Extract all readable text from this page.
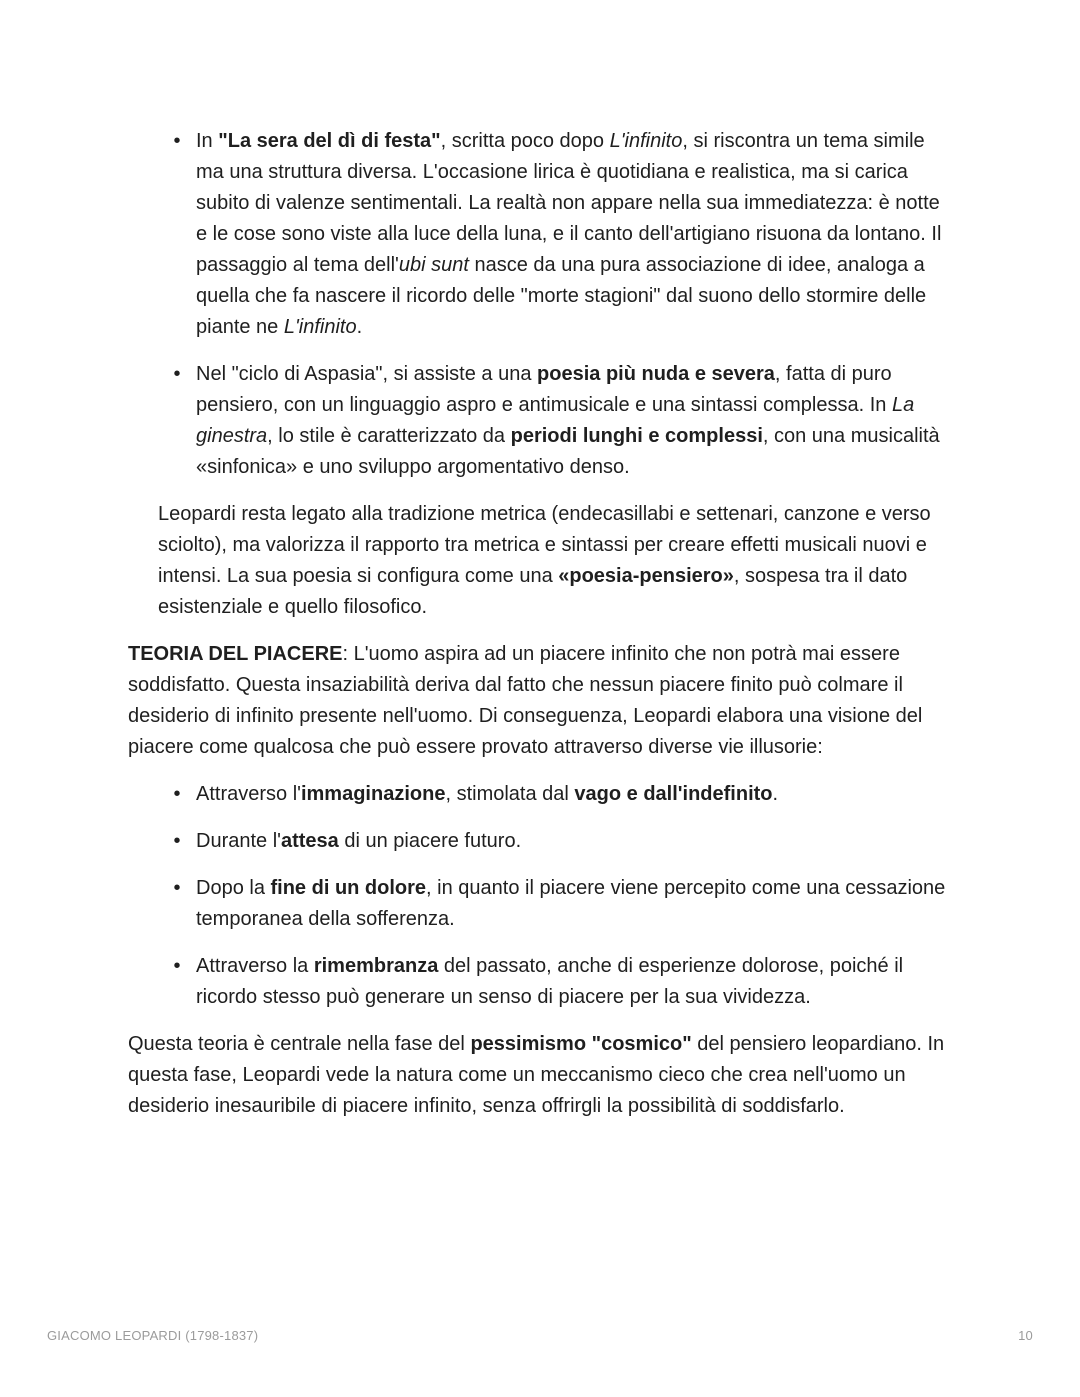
• In "La sera del dì di festa", scritta poco dopo L'infinito, si riscontra un tema simile ma una struttura diversa. L'occasione lirica è quotidiana e realistica, ma si carica subito di valenze sentimentali. La realtà non appare nella sua immediatezza: è notte e le cose sono viste alla luce della luna, e il canto dell'artigiano risuona da lontano. Il passaggio al tema dell'ubi sunt nasce da una pura associazione di idee, analoga a quella che fa nascere il ricordo delle "morte stagioni" dal suono dello stormire delle piante ne L'infinito.
• Nel "ciclo di Aspasia", si assiste a una poesia più nuda e severa, fatta di puro pensiero, con un linguaggio aspro e antimusicale e una sintassi complessa. In La ginestra, lo stile è caratterizzato da periodi lunghi e complessi, con una musicalità «sinfonica» e uno sviluppo argomentativo denso.
Leopardi resta legato alla tradizione metrica (endecasillabi e settenari, canzone e verso sciolto), ma valorizza il rapporto tra metrica e sintassi per creare effetti musicali nuovi e intensi. La sua poesia si configura come una «poesia-pensiero», sospesa tra il dato esistenziale e quello filosofico.
TEORIA DEL PIACERE: L'uomo aspira ad un piacere infinito che non potrà mai essere soddisfatto. Questa insaziabilità deriva dal fatto che nessun piacere finito può colmare il desiderio di infinito presente nell'uomo. Di conseguenza, Leopardi elabora una visione del piacere come qualcosa che può essere provato attraverso diverse vie illusorie:
• Attraverso l'immaginazione, stimolata dal vago e dall'indefinito.
• Durante l'attesa di un piacere futuro.
• Dopo la fine di un dolore, in quanto il piacere viene percepito come una cessazione temporanea della sofferenza.
• Attraverso la rimembranza del passato, anche di esperienze dolorose, poiché il ricordo stesso può generare un senso di piacere per la sua vividezza.
Questa teoria è centrale nella fase del pessimismo "cosmico" del pensiero leopardiano. In questa fase, Leopardi vede la natura come un meccanismo cieco che crea nell'uomo un desiderio inesauribile di piacere infinito, senza offrirgli la possibilità di soddisfarlo.
GIACOMO LEOPARDI (1798-1837)	10
